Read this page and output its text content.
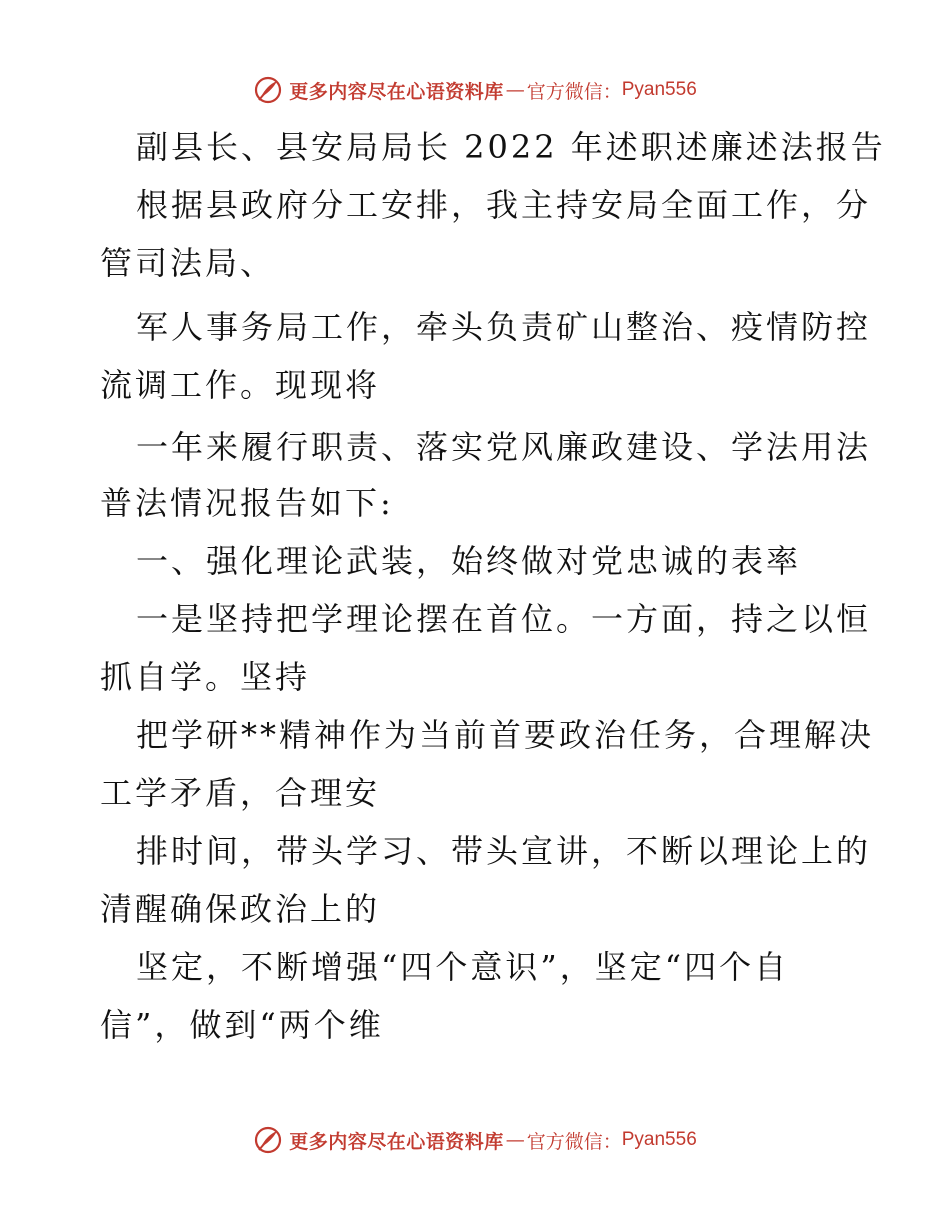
更多内容尽在心语资料库 — 官方微信： Pyan556
副县长、县安局局长 2022 年述职述廉述法报告
根据县政府分工安排，我主持安局全面工作，分
管司法局、
军人事务局工作，牵头负责矿山整治、疫情防控
流调工作。现现将
一年来履行职责、落实党风廉政建设、学法用法
普法情况报告如下:
一、强化理论武装，始终做对党忠诚的表率
一是坚持把学理论摆在首位。一方面，持之以恒
抓自学。坚持
把学研**精神作为当前首要政治任务，合理解决
工学矛盾，合理安
排时间，带头学习、带头宣讲，不断以理论上的
清醒确保政治上的
坚定，不断增强“四个意识”，坚定“四个自
信”，做到“两个维
更多内容尽在心语资料库 — 官方微信： Pyan556
